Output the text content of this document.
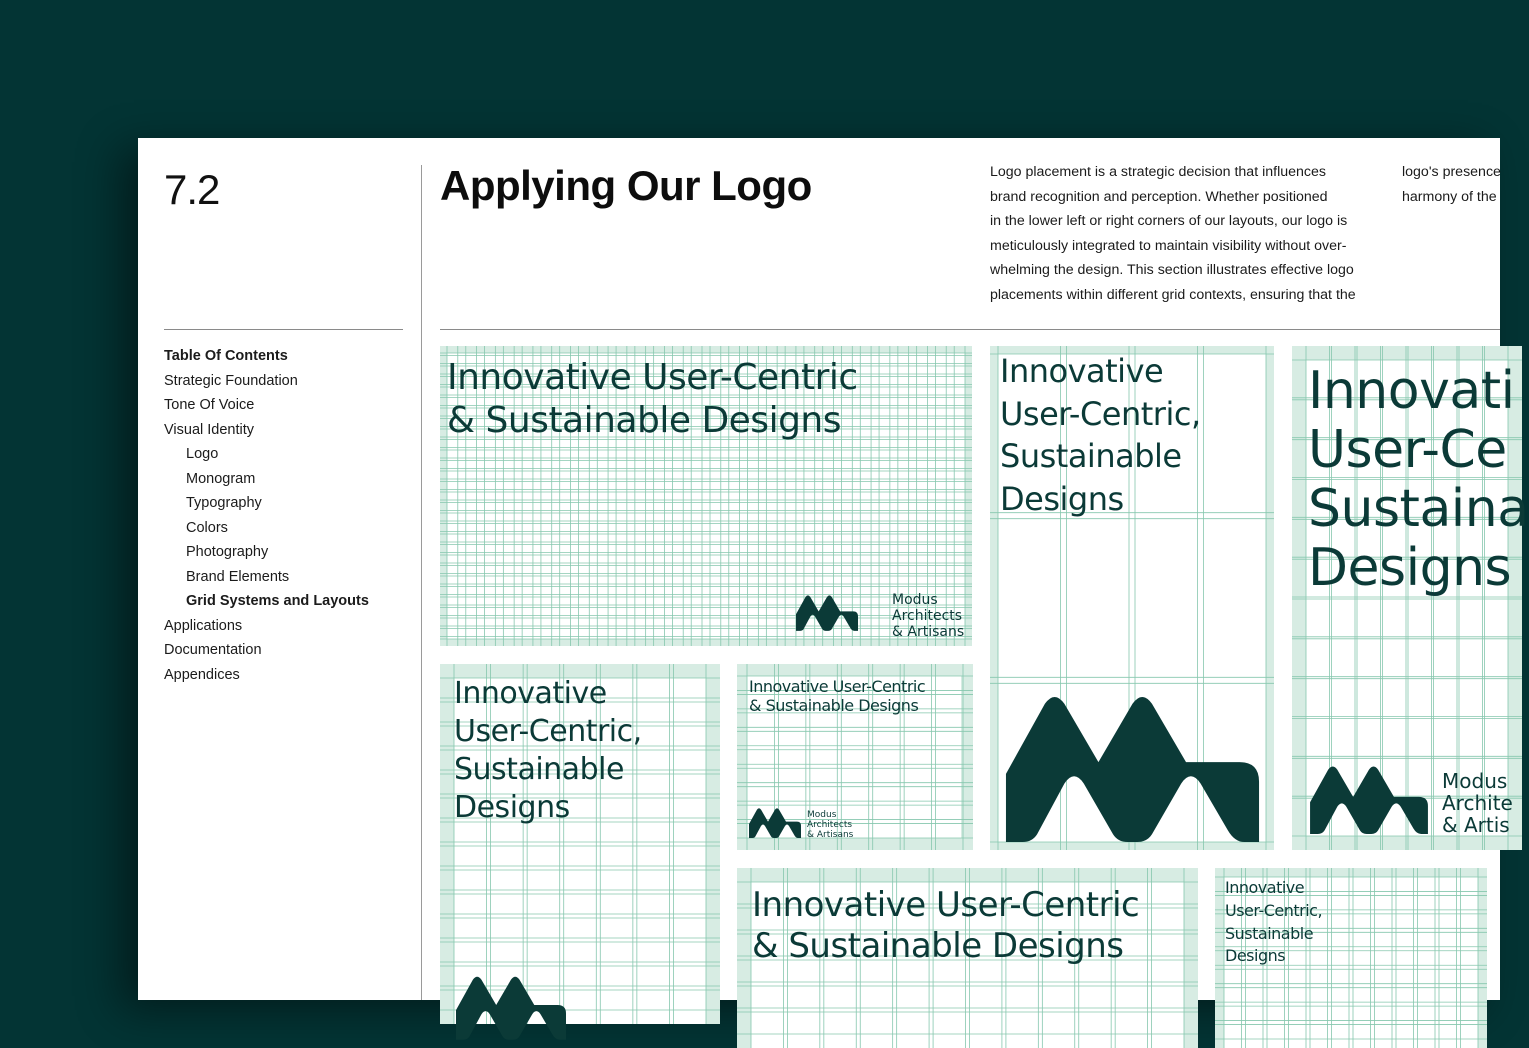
7.2
Table Of Contents
Strategic Foundation
Tone Of Voice
Visual Identity
Logo
Monogram
Typography
Colors
Photography
Brand Elements
Grid Systems and Layouts
Applications
Documentation
Appendices
Applying Our Logo	Logo placement is a strategic decision that influences

brand recognition and perception. Whether positioned

in the lower left or right corners of our layouts, our logo is

meticulously integrated to maintain visibility without over-

whelming the design. This section illustrates effective logo

placements within different grid contexts, ensuring that the

logo's presence

harmony of the

Innovative User-Centric
& Sustainable Designs
Modus
Architects
& Artisans
Innovative
User-Centric,
Sustainable
Designs
Innovati
User-Ce
Sustaina
Designs
Modus
Archite
& Artis
Innovative
User-Centric,
Sustainable
Designs
Innovative User-Centric
& Sustainable Designs
Modus
Architects
& Artisans
Innovative User-Centric
& Sustainable Designs
Innovative
User-Centric,
Sustainable
Designs
